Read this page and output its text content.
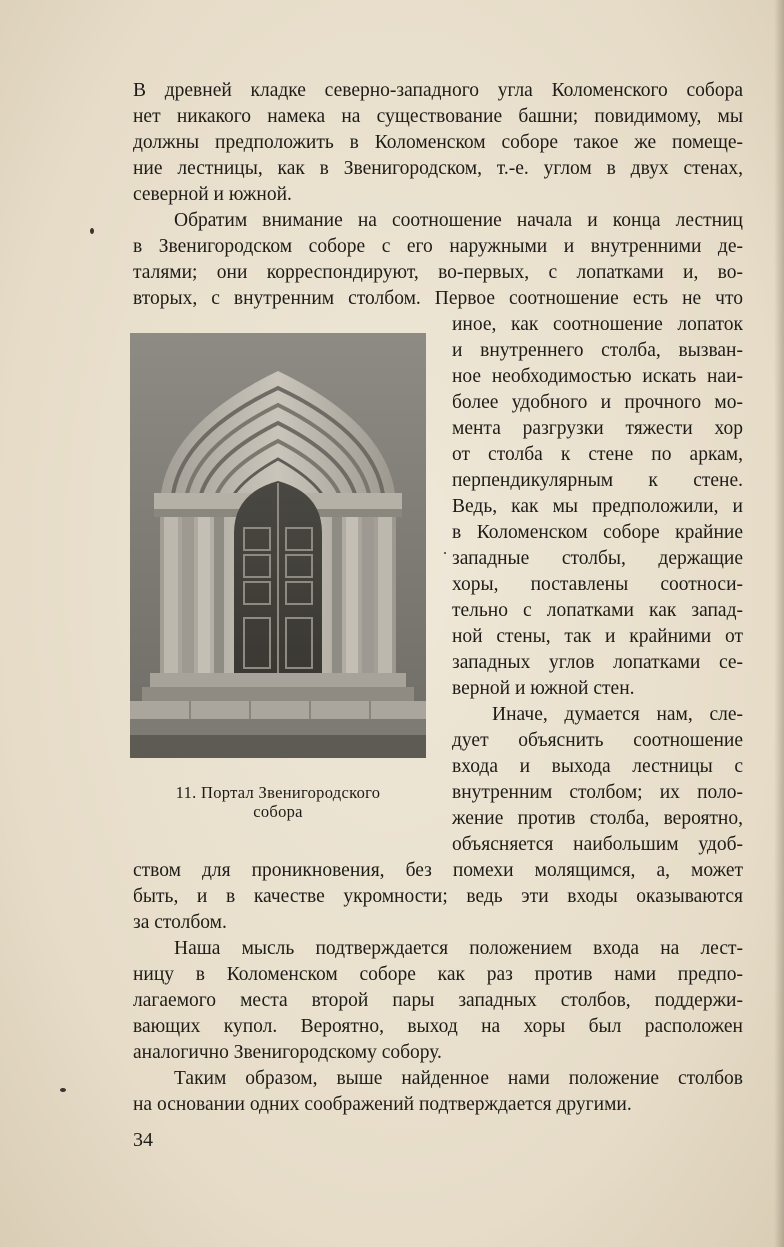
В древней кладке северно-западного угла Коломенского собора
нет никакого намека на существование башни; повидимому, мы
должны предположить в Коломенском соборе такое же помеще-
ние лестницы, как в Звенигородском, т.-е. углом в двух стенах,
северной и южной.
Обратим внимание на соотношение начала и конца лестниц
в Звенигородском соборе с его наружными и внутренними де-
талями; они корреспондируют, во-первых, с лопатками и, во-
вторых, с внутренним столбом. Первое соотношение есть не что
иное, как соотношение лопаток
и внутреннего столба, вызван-
ное необходимостью искать наи-
более удобного и прочного мо-
мента разгрузки тяжести хор
от столба к стене по аркам,
перпендикулярным к стене.
Ведь, как мы предположили, и
в Коломенском соборе крайние
западные столбы, держащие
хоры, поставлены соотноси-
тельно с лопатками как запад-
ной стены, так и крайними от
западных углов лопатками се-
верной и южной стен.
Иначе, думается нам, сле-
дует объяснить соотношение
входа и выхода лестницы с
внутренним столбом; их поло-
жение против столба, вероятно,
объясняется наибольшим удоб-
ством для проникновения, без помехи молящимся, а, может
быть, и в качестве укромности; ведь эти входы оказываются
за столбом.
Наша мысль подтверждается положением входа на лест-
ницу в Коломенском соборе как раз против нами предпо-
лагаемого места второй пары западных столбов, поддержи-
вающих купол. Вероятно, выход на хоры был расположен
аналогично Звенигородскому собору.
Таким образом, выше найденное нами положение столбов
на основании одних соображений подтверждается другими.
11. Портал Звенигородского
собора
34
